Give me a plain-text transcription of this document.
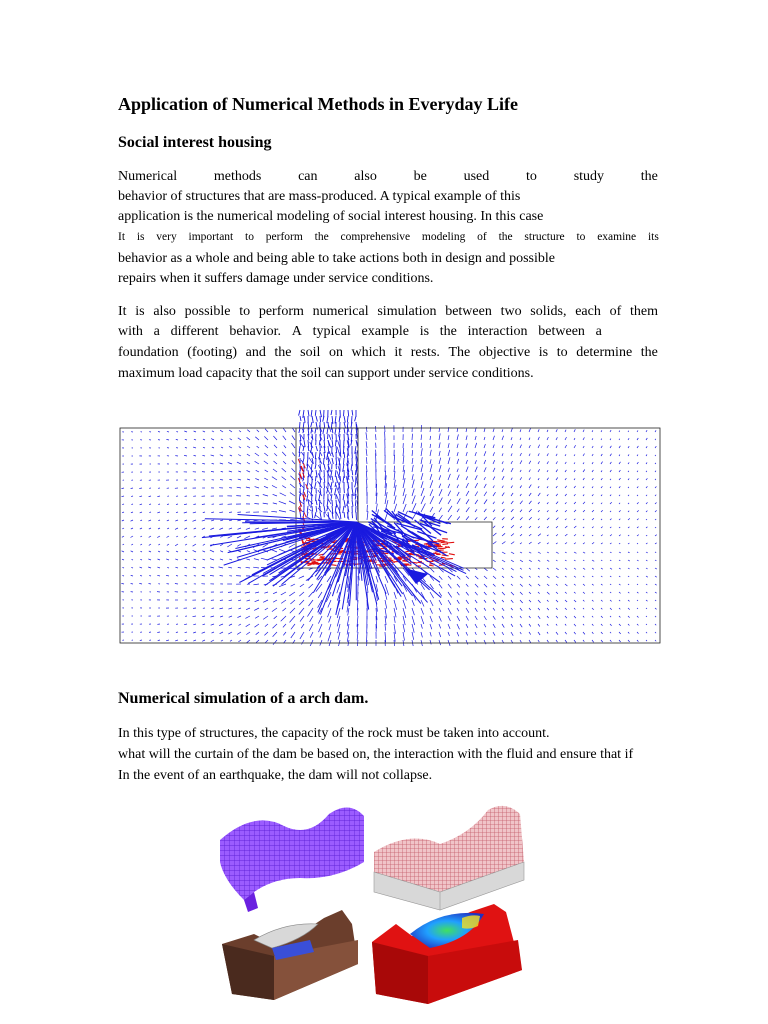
Application of Numerical Methods in Everyday Life
Social interest housing
Numerical	methods	can	also	be	used	to	study	the
behavior of structures that are mass-produced. A typical example of this
application is the numerical modeling of social interest housing. In this case
It is very important to perform the comprehensive modeling of the structure to examine its
behavior as a whole and being able to take actions both in design and possible
repairs when it suffers damage under service conditions.
It is also possible to perform numerical simulation between two solids, each of them
with a different behavior. A typical example is the interaction between a
foundation (footing) and the soil on which it rests. The objective is to determine the
maximum load capacity that the soil can support under service conditions.
Numerical simulation of a arch dam.
In this type of structures, the capacity of the rock must be taken into account.
what will the curtain of the dam be based on, the interaction with the fluid and ensure that if
In the event of an earthquake, the dam will not collapse.
